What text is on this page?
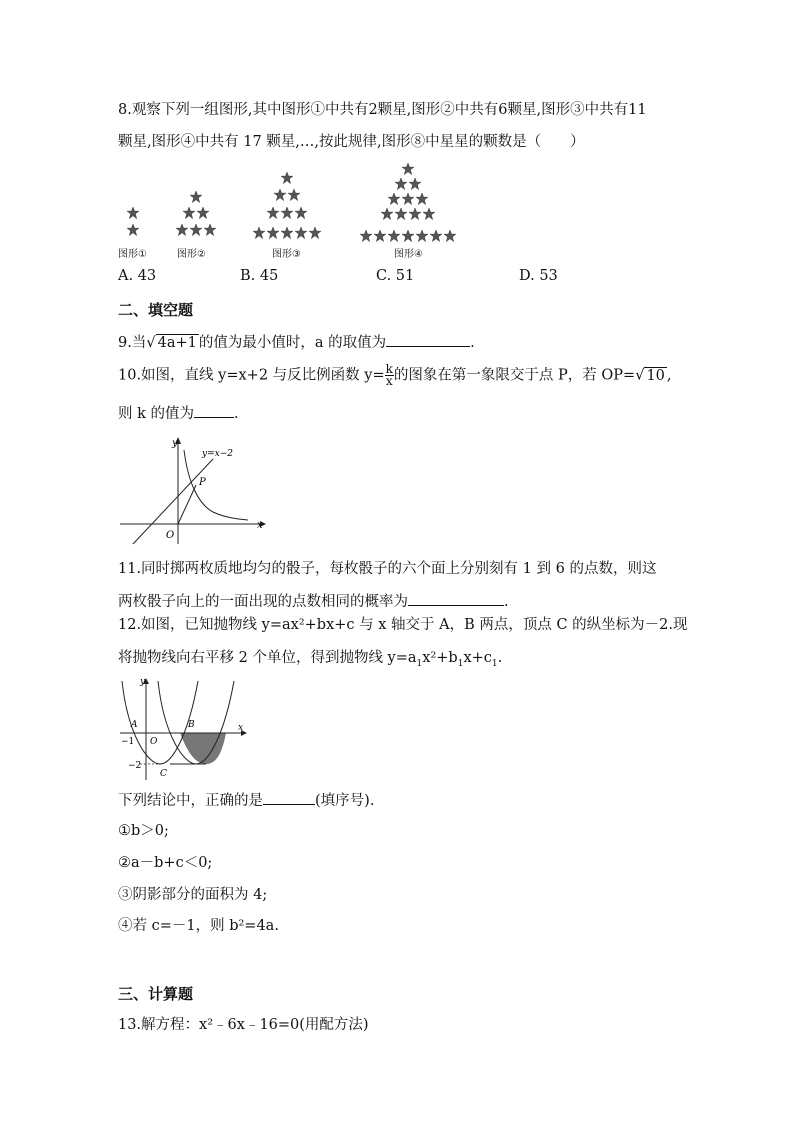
8.观察下列一组图形,其中图形①中共有2颗星,图形②中共有6颗星,图形③中共有11
颗星,图形④中共有 17 颗星,…,按此规律,图形⑧中星星的颗数是（　　）
图形①	图形②	图形③	图形④
A. 43	B. 45	C. 51	D. 53
二、填空题
9.当√ 4a+1 的值为最小值时，a 的取值为	.
10.如图，直线 y=x+2 与反比例函数 $y= \frac{k}{x}$ 的图象在第一象限交于点 P，若 OP=√ 10 ,
则 k 的值为	.
y
x
O
P
y=x−2
11.同时掷两枚质地均匀的骰子，每枚骰子的六个面上分别刻有 1 到 6 的点数，则这
两枚骰子向上的一面出现的点数相同的概率为	.
12.如图，已知抛物线 y=ax²+bx+c 与 x 轴交于 A，B 两点，顶点 C 的纵坐标为－2.现
将抛物线向右平移 2 个单位，得到抛物线 $y=a_1x^2+b_1x+c_1$.
y
x
A	B
C
O
−1
−2
下列结论中，正确的是	(填序号).
①b＞0;
②a－b+c＜0;
③阴影部分的面积为 4;
④若 c=－1，则 b²=4a.
三、计算题
13.解方程：x²﹣6x﹣16=0(用配方法)
